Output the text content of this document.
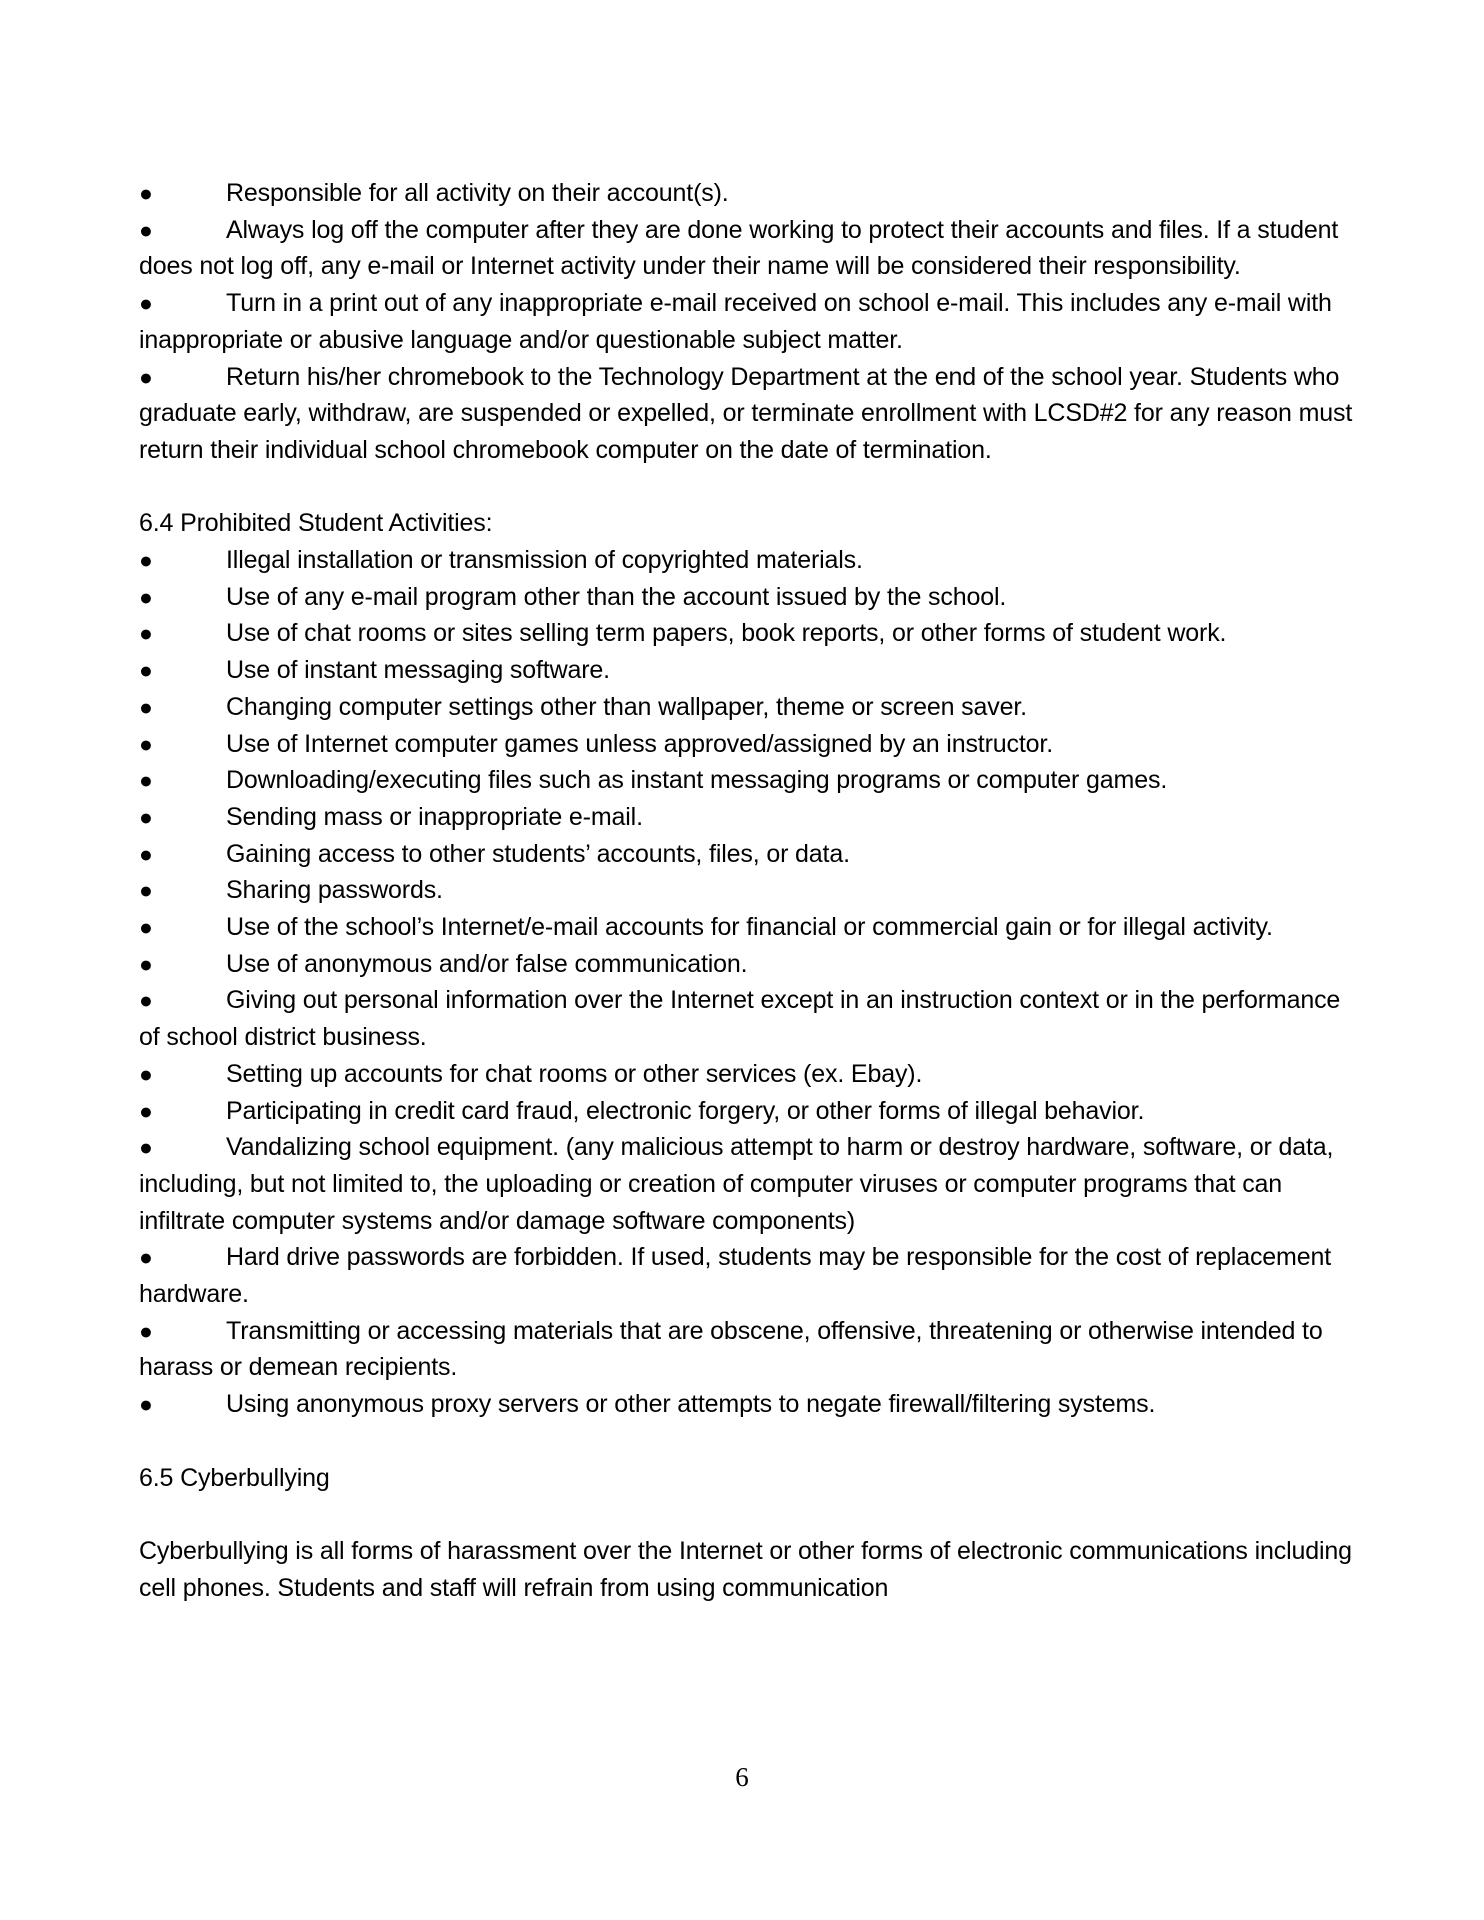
●	Responsible for all activity on their account(s).

●	Always log off the computer after they are done working to protect their accounts and files. If a student does not log off, any e-mail or Internet activity under their name will be considered their responsibility.

●	Turn in a print out of any inappropriate e-mail received on school e-mail. This includes any e-mail with inappropriate or abusive language and/or questionable subject matter.

●	Return his/her chromebook to the Technology Department at the end of the school year. Students who graduate early, withdraw, are suspended or expelled, or terminate enrollment with LCSD#2 for any reason must return their individual school chromebook computer on the date of termination.

6.4 Prohibited Student Activities:

●	Illegal installation or transmission of copyrighted materials.

●	Use of any e-mail program other than the account issued by the school.

●	Use of chat rooms or sites selling term papers, book reports, or other forms of student work.

●	Use of instant messaging software.

●	Changing computer settings other than wallpaper, theme or screen saver.

●	Use of Internet computer games unless approved/assigned by an instructor.

●	Downloading/executing files such as instant messaging programs or computer games.

●	Sending mass or inappropriate e-mail.

●	Gaining access to other students’ accounts, files, or data.

●	Sharing passwords.

●	Use of the school’s Internet/e-mail accounts for financial or commercial gain or for illegal activity.

●	Use of anonymous and/or false communication.

●	Giving out personal information over the Internet except in an instruction context or in the performance of school district business.

●	Setting up accounts for chat rooms or other services (ex. Ebay).

●	Participating in credit card fraud, electronic forgery, or other forms of illegal behavior.

●	Vandalizing school equipment. (any malicious attempt to harm or destroy hardware, software, or data, including, but not limited to, the uploading or creation of computer viruses or computer programs that can infiltrate computer systems and/or damage software components)

●	Hard drive passwords are forbidden. If used, students may be responsible for the cost of replacement hardware.

●	Transmitting or accessing materials that are obscene, offensive, threatening or otherwise intended to harass or demean recipients.

●	Using anonymous proxy servers or other attempts to negate firewall/filtering systems.

6.5 Cyberbullying

Cyberbullying is all forms of harassment over the Internet or other forms of electronic communications including cell phones. Students and staff will refrain from using communication

6
